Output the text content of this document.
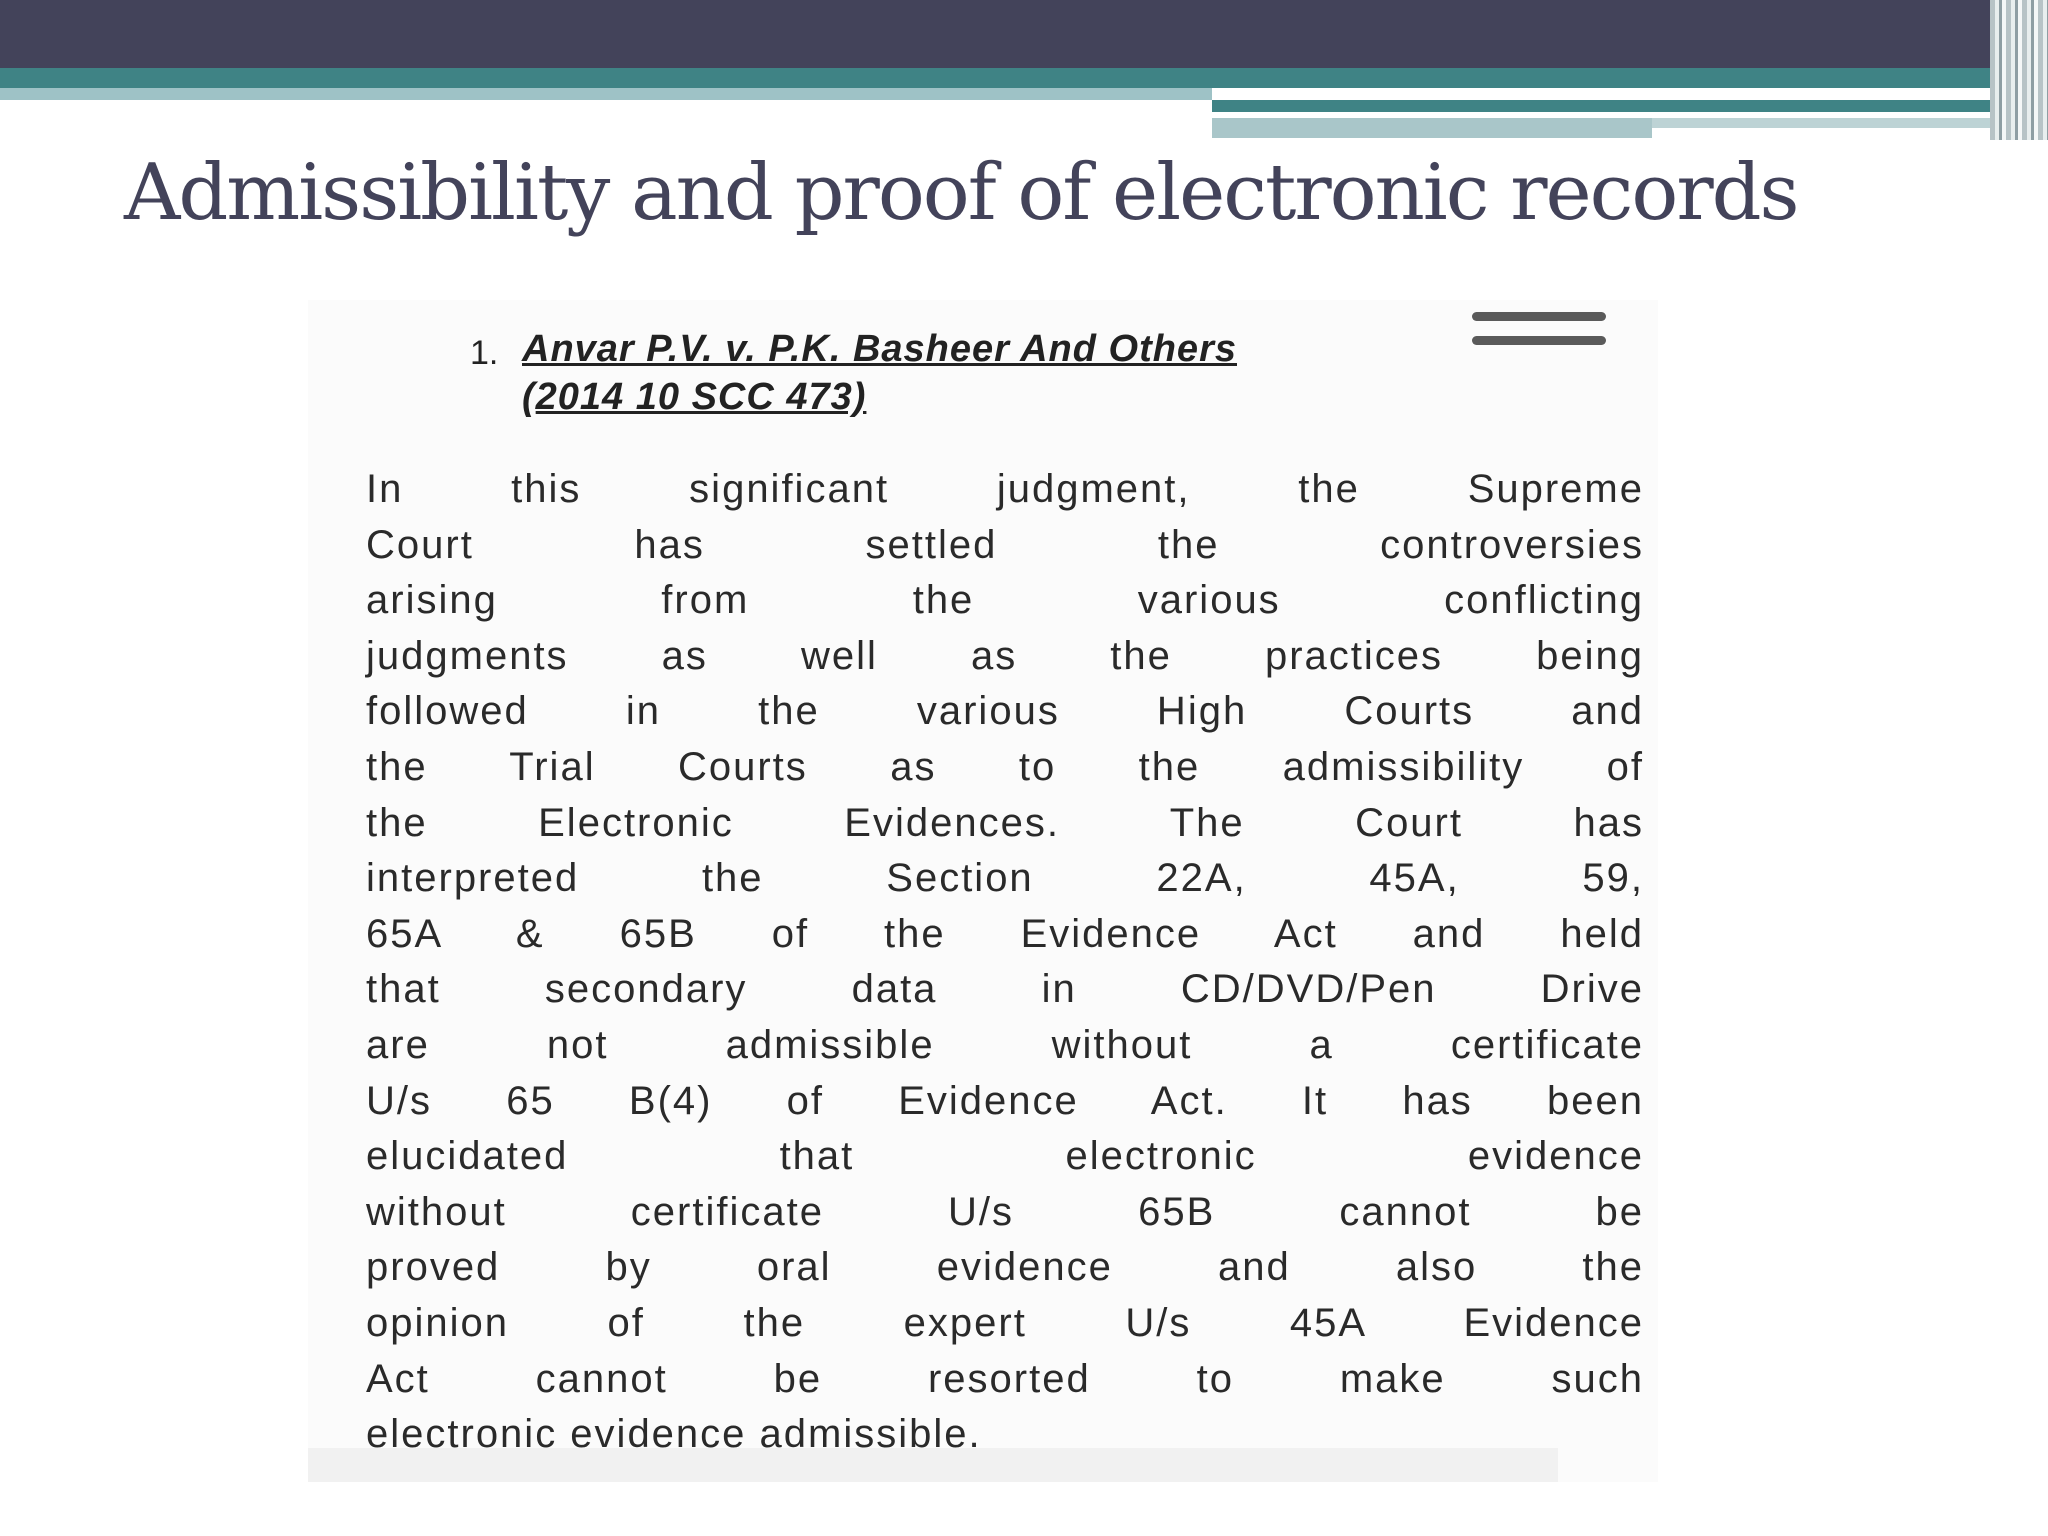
Admissibility and proof of electronic records
1. Anvar P.V. v. P.K. Basheer And Others
(2014 10 SCC 473)
In this significant judgment, the Supreme
Court has settled the controversies
arising from the various conflicting
judgments as well as the practices being
followed in the various High Courts and
the Trial Courts as to the admissibility of
the Electronic Evidences. The Court has
interpreted the Section 22A, 45A, 59,
65A & 65B of the Evidence Act and held
that secondary data in CD/DVD/Pen Drive
are not admissible without a certificate
U/s 65 B(4) of Evidence Act. It has been
elucidated that electronic evidence
without certificate U/s 65B cannot be
proved by oral evidence and also the
opinion of the expert U/s 45A Evidence
Act cannot be resorted to make such
electronic evidence admissible.
